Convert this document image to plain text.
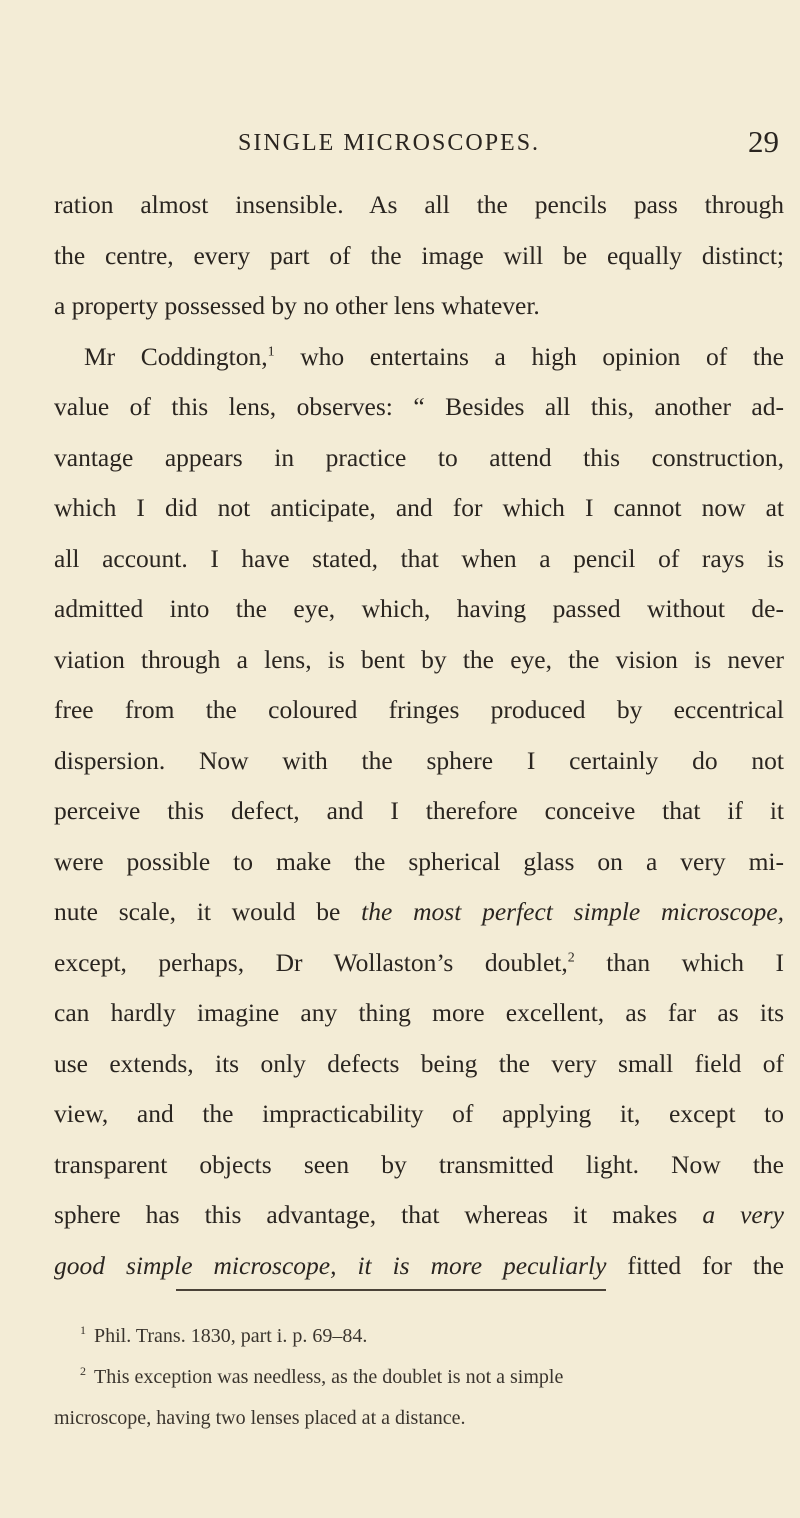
SINGLE MICROSCOPES.	29
ration almost insensible. As all the pencils pass through
the centre, every part of the image will be equally distinct;
a property possessed by no other lens whatever.
Mr Coddington,$^1$ who entertains a high opinion of the
value of this lens, observes: “ Besides all this, another ad-
vantage appears in practice to attend this construction,
which I did not anticipate, and for which I cannot now at
all account. I have stated, that when a pencil of rays is
admitted into the eye, which, having passed without de-
viation through a lens, is bent by the eye, the vision is never
free from the coloured fringes produced by eccentrical
dispersion. Now with the sphere I certainly do not
perceive this defect, and I therefore conceive that if it
were possible to make the spherical glass on a very mi-
nute scale, it would be the most perfect simple microscope,
except, perhaps, Dr Wollaston’s doublet,$^2$ than which I
can hardly imagine any thing more excellent, as far as its
use extends, its only defects being the very small field of
view, and the impracticability of applying it, except to
transparent objects seen by transmitted light. Now the
sphere has this advantage, that whereas it makes a very
good simple microscope, it is more peculiarly fitted for the
$^1$ Phil. Trans. 1830, part i. p. 69–84.
$^2$ This exception was needless, as the doublet is not a simple
microscope, having two lenses placed at a distance.
